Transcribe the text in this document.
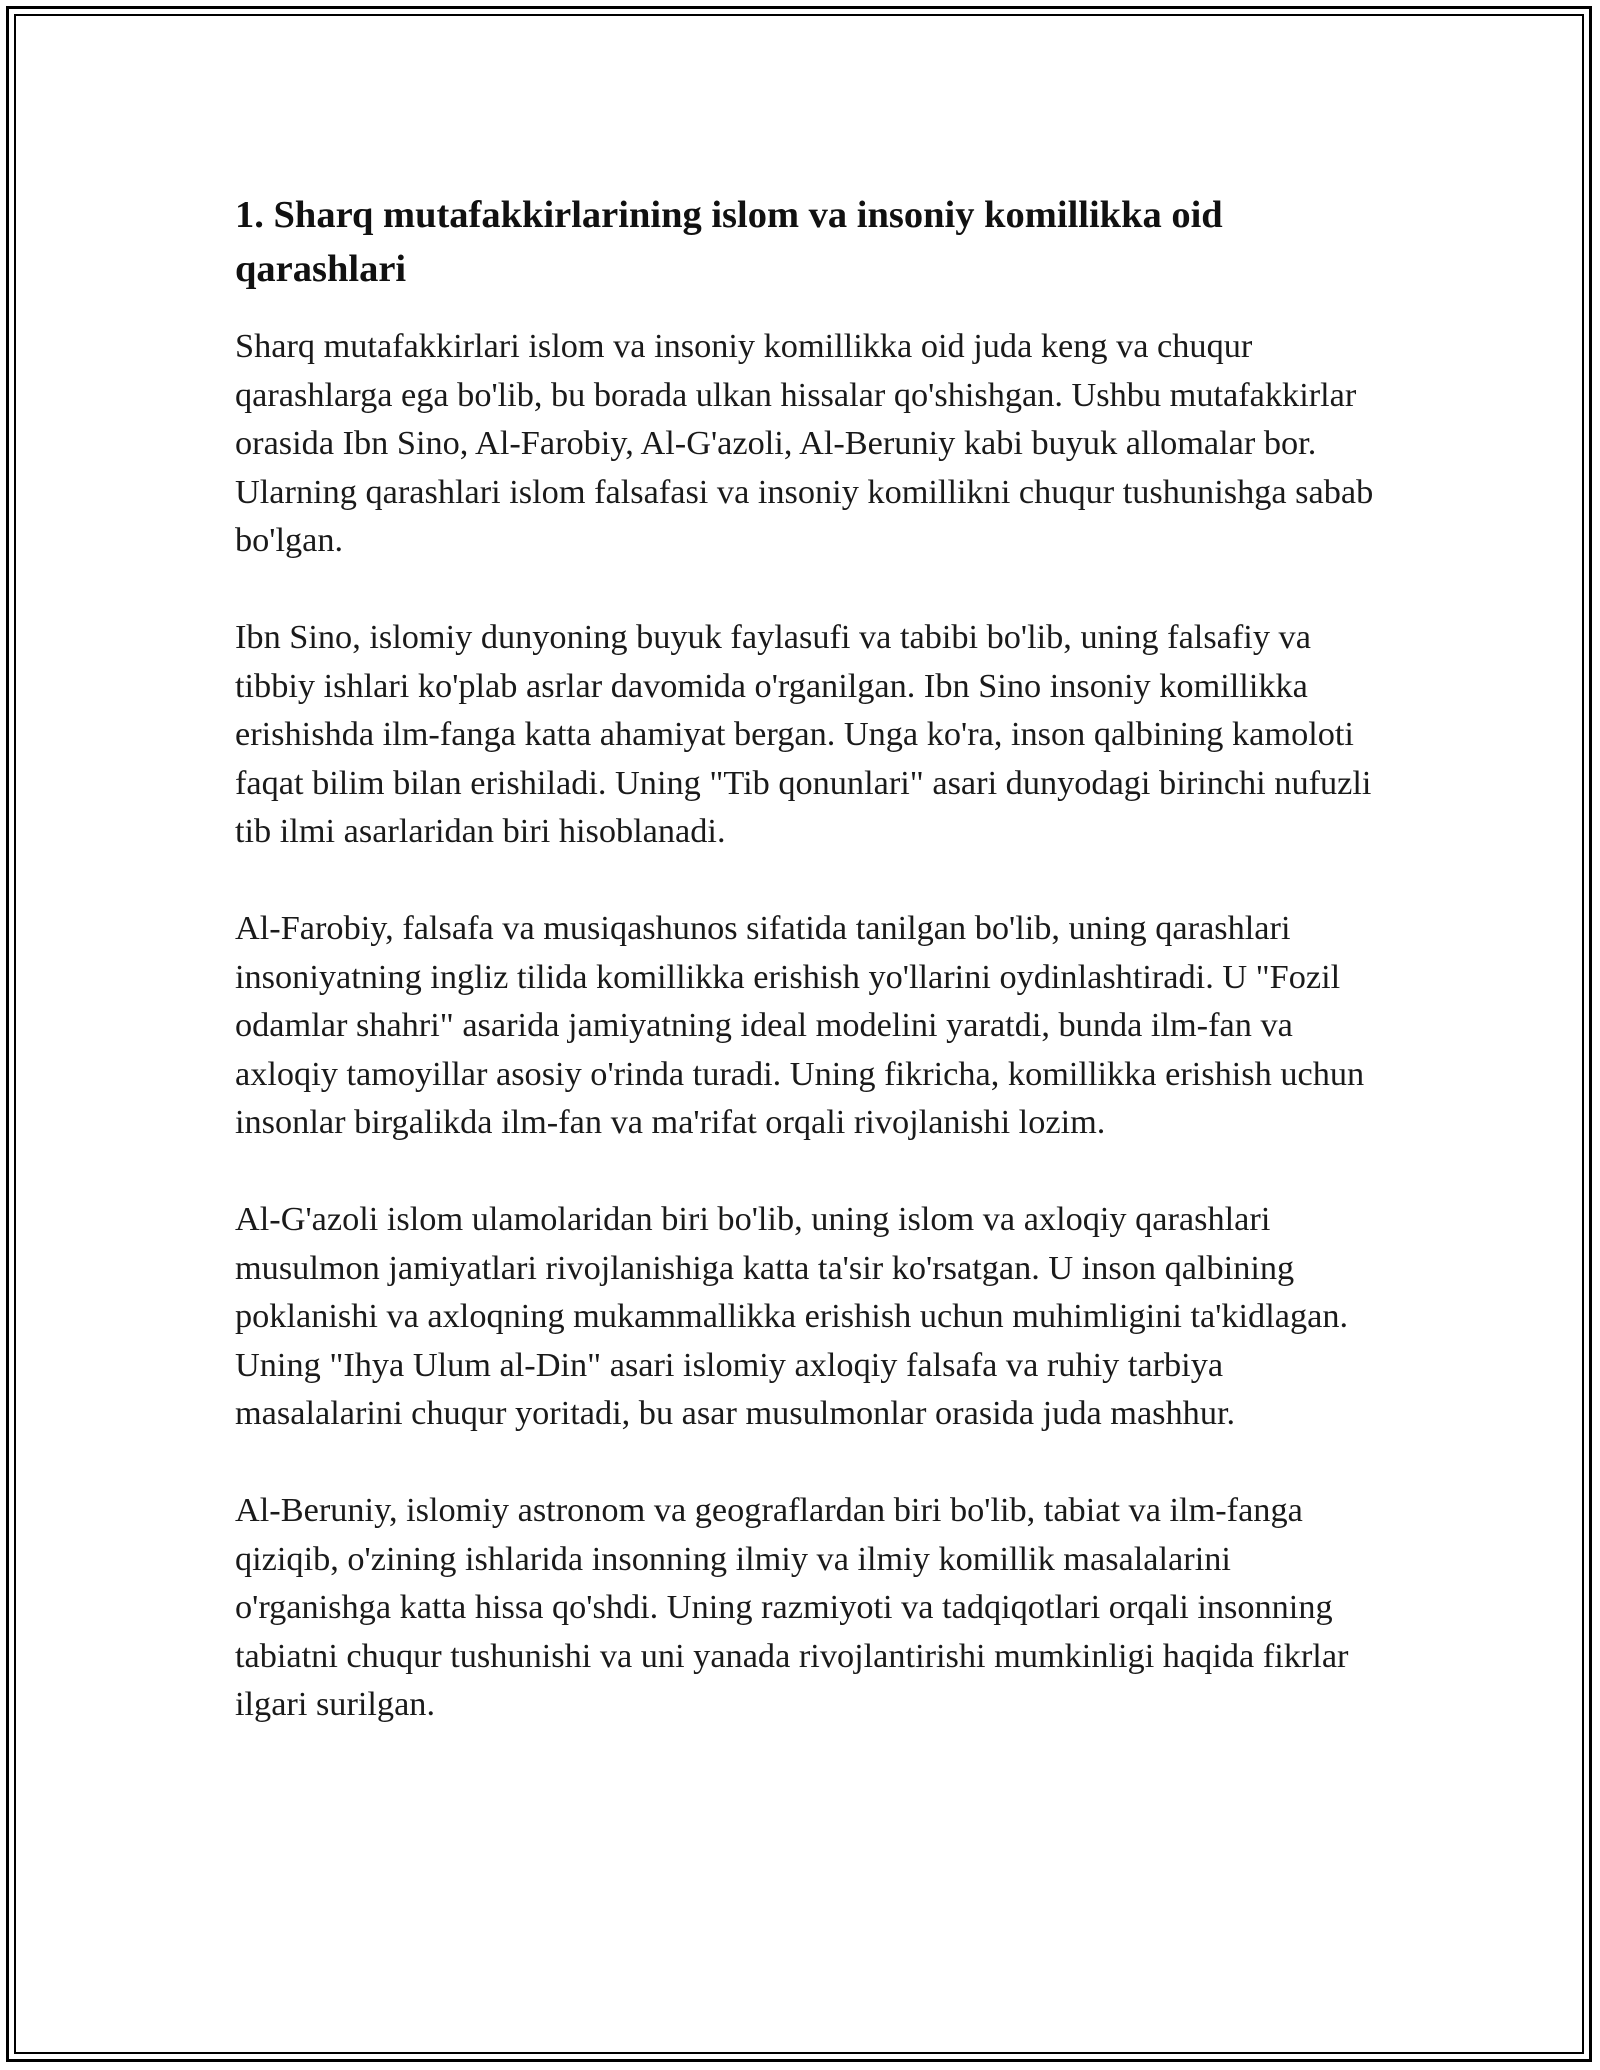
1. Sharq mutafakkirlarining islom va insoniy komillikka oid qarashlari

Sharq mutafakkirlari islom va insoniy komillikka oid juda keng va chuqur qarashlarga ega bo'lib, bu borada ulkan hissalar qo'shishgan. Ushbu mutafakkirlar orasida Ibn Sino, Al-Farobiy, Al-G'azoli, Al-Beruniy kabi buyuk allomalar bor. Ularning qarashlari islom falsafasi va insoniy komillikni chuqur tushunishga sabab bo'lgan.

Ibn Sino, islomiy dunyoning buyuk faylasufi va tabibi bo'lib, uning falsafiy va tibbiy ishlari ko'plab asrlar davomida o'rganilgan. Ibn Sino insoniy komillikka erishishda ilm-fanga katta ahamiyat bergan. Unga ko'ra, inson qalbining kamoloti faqat bilim bilan erishiladi. Uning "Tib qonunlari" asari dunyodagi birinchi nufuzli tib ilmi asarlaridan biri hisoblanadi.

Al-Farobiy, falsafa va musiqashunos sifatida tanilgan bo'lib, uning qarashlari insoniyatning ingliz tilida komillikka erishish yo'llarini oydinlashtiradi. U "Fozil odamlar shahri" asarida jamiyatning ideal modelini yaratdi, bunda ilm-fan va axloqiy tamoyillar asosiy o'rinda turadi. Uning fikricha, komillikka erishish uchun insonlar birgalikda ilm-fan va ma'rifat orqali rivojlanishi lozim.

Al-G'azoli islom ulamolaridan biri bo'lib, uning islom va axloqiy qarashlari musulmon jamiyatlari rivojlanishiga katta ta'sir ko'rsatgan. U inson qalbining poklanishi va axloqning mukammallikka erishish uchun muhimligini ta'kidlagan. Uning "Ihya Ulum al-Din" asari islomiy axloqiy falsafa va ruhiy tarbiya masalalarini chuqur yoritadi, bu asar musulmonlar orasida juda mashhur.

Al-Beruniy, islomiy astronom va geograflardan biri bo'lib, tabiat va ilm-fanga qiziqib, o'zining ishlarida insonning ilmiy va ilmiy komillik masalalarini o'rganishga katta hissa qo'shdi. Uning razmiyoti va tadqiqotlari orqali insonning tabiatni chuqur tushunishi va uni yanada rivojlantirishi mumkinligi haqida fikrlar ilgari surilgan.
